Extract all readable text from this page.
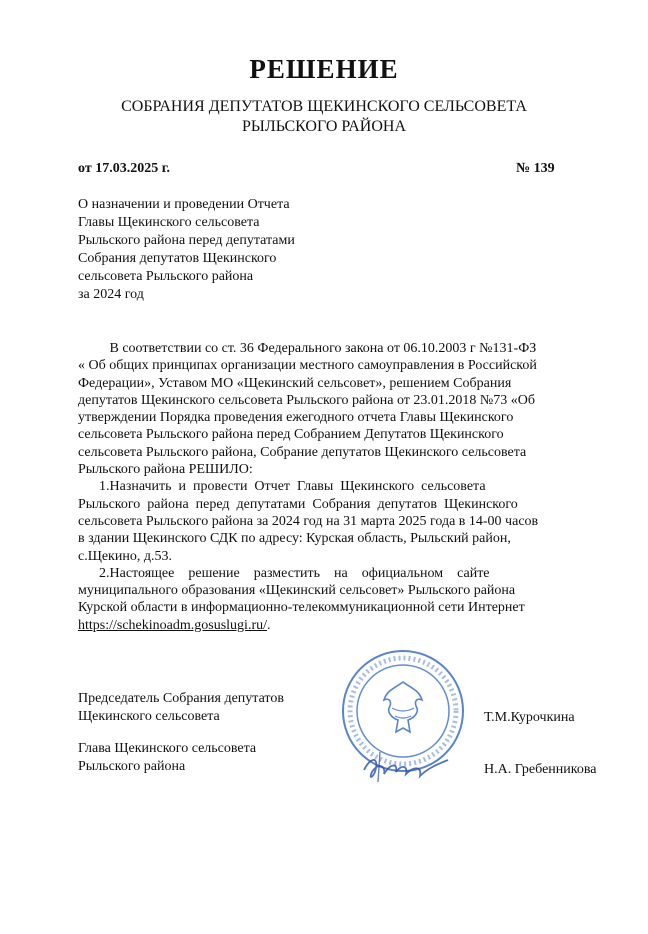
РЕШЕНИЕ
СОБРАНИЯ ДЕПУТАТОВ ЩЕКИНСКОГО СЕЛЬСОВЕТА
РЫЛЬСКОГО РАЙОНА
от 17.03.2025 г.	№ 139
О назначении и проведении Отчета
Главы Щекинского сельсовета
Рыльского района перед депутатами
Собрания депутатов Щекинского
сельсовета Рыльского района
за 2024 год
В соответствии со ст. 36 Федерального закона от 06.10.2003 г №131-ФЗ
« Об общих принципах организации местного самоуправления в Российской
Федерации», Уставом МО «Щекинский сельсовет», решением Собрания
депутатов Щекинского сельсовета Рыльского района от 23.01.2018 №73 «Об
утверждении Порядка проведения ежегодного отчета Главы Щекинского
сельсовета Рыльского района перед Собранием Депутатов Щекинского
сельсовета Рыльского района, Собрание депутатов Щекинского сельсовета
Рыльского района РЕШИЛО:
1.Назначить  и  провести  Отчет  Главы  Щекинского  сельсовета
Рыльского  района  перед  депутатами  Собрания  депутатов  Щекинского
сельсовета Рыльского района за 2024 год на 31 марта 2025 года в 14-00 часов
в здании Щекинского СДК по адресу: Курская область, Рыльский район,
с.Щекино, д.53.
2.Настоящее    решение    разместить    на    официальном    сайте
муниципального образования «Щекинский сельсовет» Рыльского района
Курской области в информационно-телекоммуникационной сети Интернет
https://schekinoadm.gosuslugi.ru/.
Председатель Собрания депутатов
Щекинского сельсовета	Т.М.Курочкина
Глава Щекинского сельсовета
Рыльского района	Н.А. Гребенникова
